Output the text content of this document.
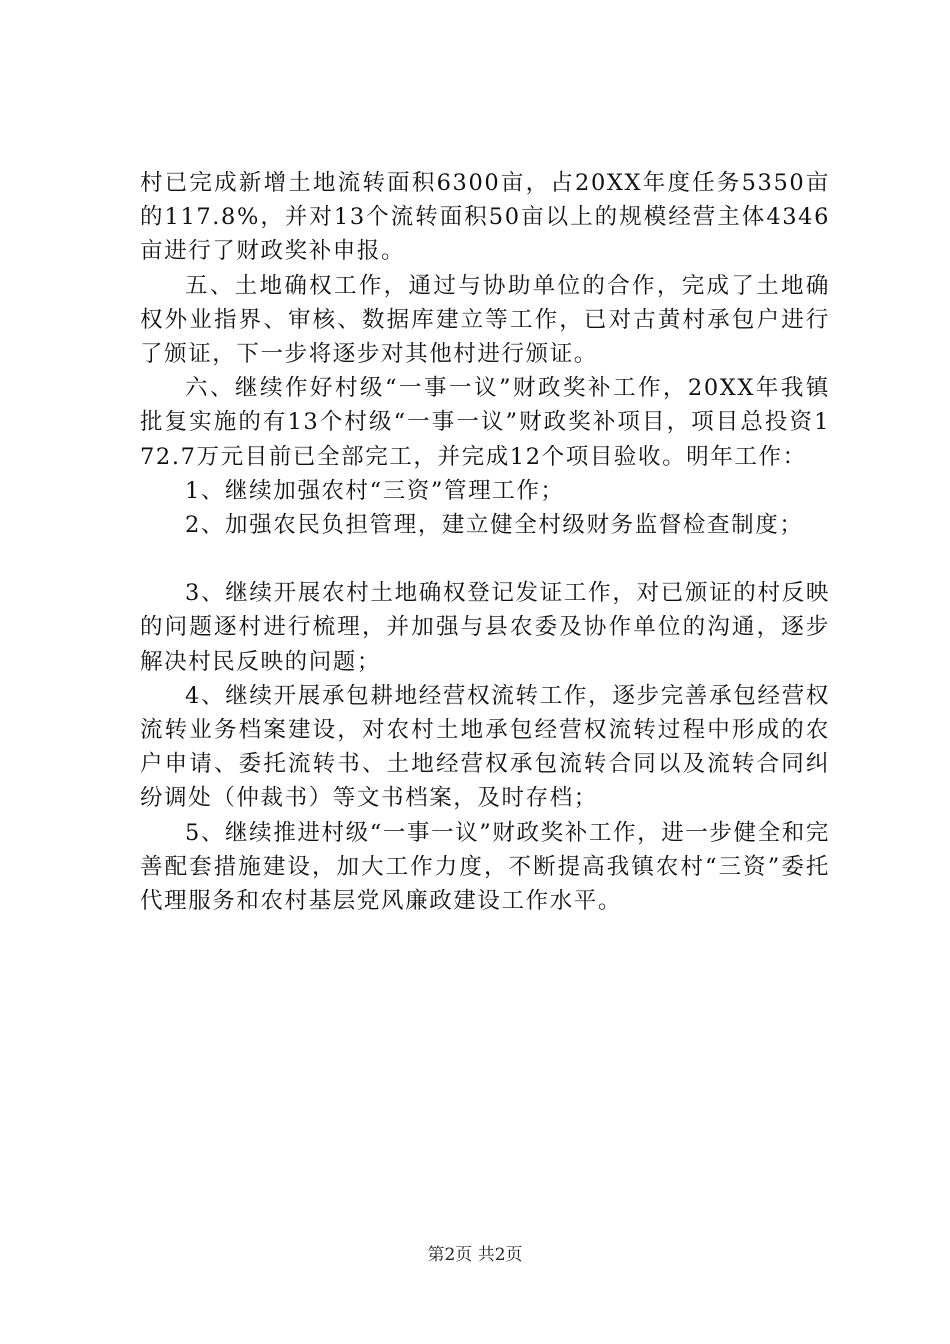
村已完成新增土地流转面积6300亩，占20XX年度任务5350亩的117.8%，并对13个流转面积50亩以上的规模经营主体4346亩进行了财政奖补申报。

五、土地确权工作，通过与协助单位的合作，完成了土地确权外业指界、审核、数据库建立等工作，已对古黄村承包户进行了颁证，下一步将逐步对其他村进行颁证。

六、继续作好村级“一事一议”财政奖补工作，20XX年我镇批复实施的有13个村级“一事一议”财政奖补项目，项目总投资172.7万元目前已全部完工，并完成12个项目验收。明年工作：

1、继续加强农村“三资”管理工作；

2、加强农民负担管理，建立健全村级财务监督检查制度；

3、继续开展农村土地确权登记发证工作，对已颁证的村反映的问题逐村进行梳理，并加强与县农委及协作单位的沟通，逐步解决村民反映的问题；

4、继续开展承包耕地经营权流转工作，逐步完善承包经营权流转业务档案建设，对农村土地承包经营权流转过程中形成的农户申请、委托流转书、土地经营权承包流转合同以及流转合同纠纷调处（仲裁书）等文书档案，及时存档；

5、继续推进村级“一事一议”财政奖补工作，进一步健全和完善配套措施建设，加大工作力度，不断提高我镇农村“三资”委托代理服务和农村基层党风廉政建设工作水平。

第2页 共2页
